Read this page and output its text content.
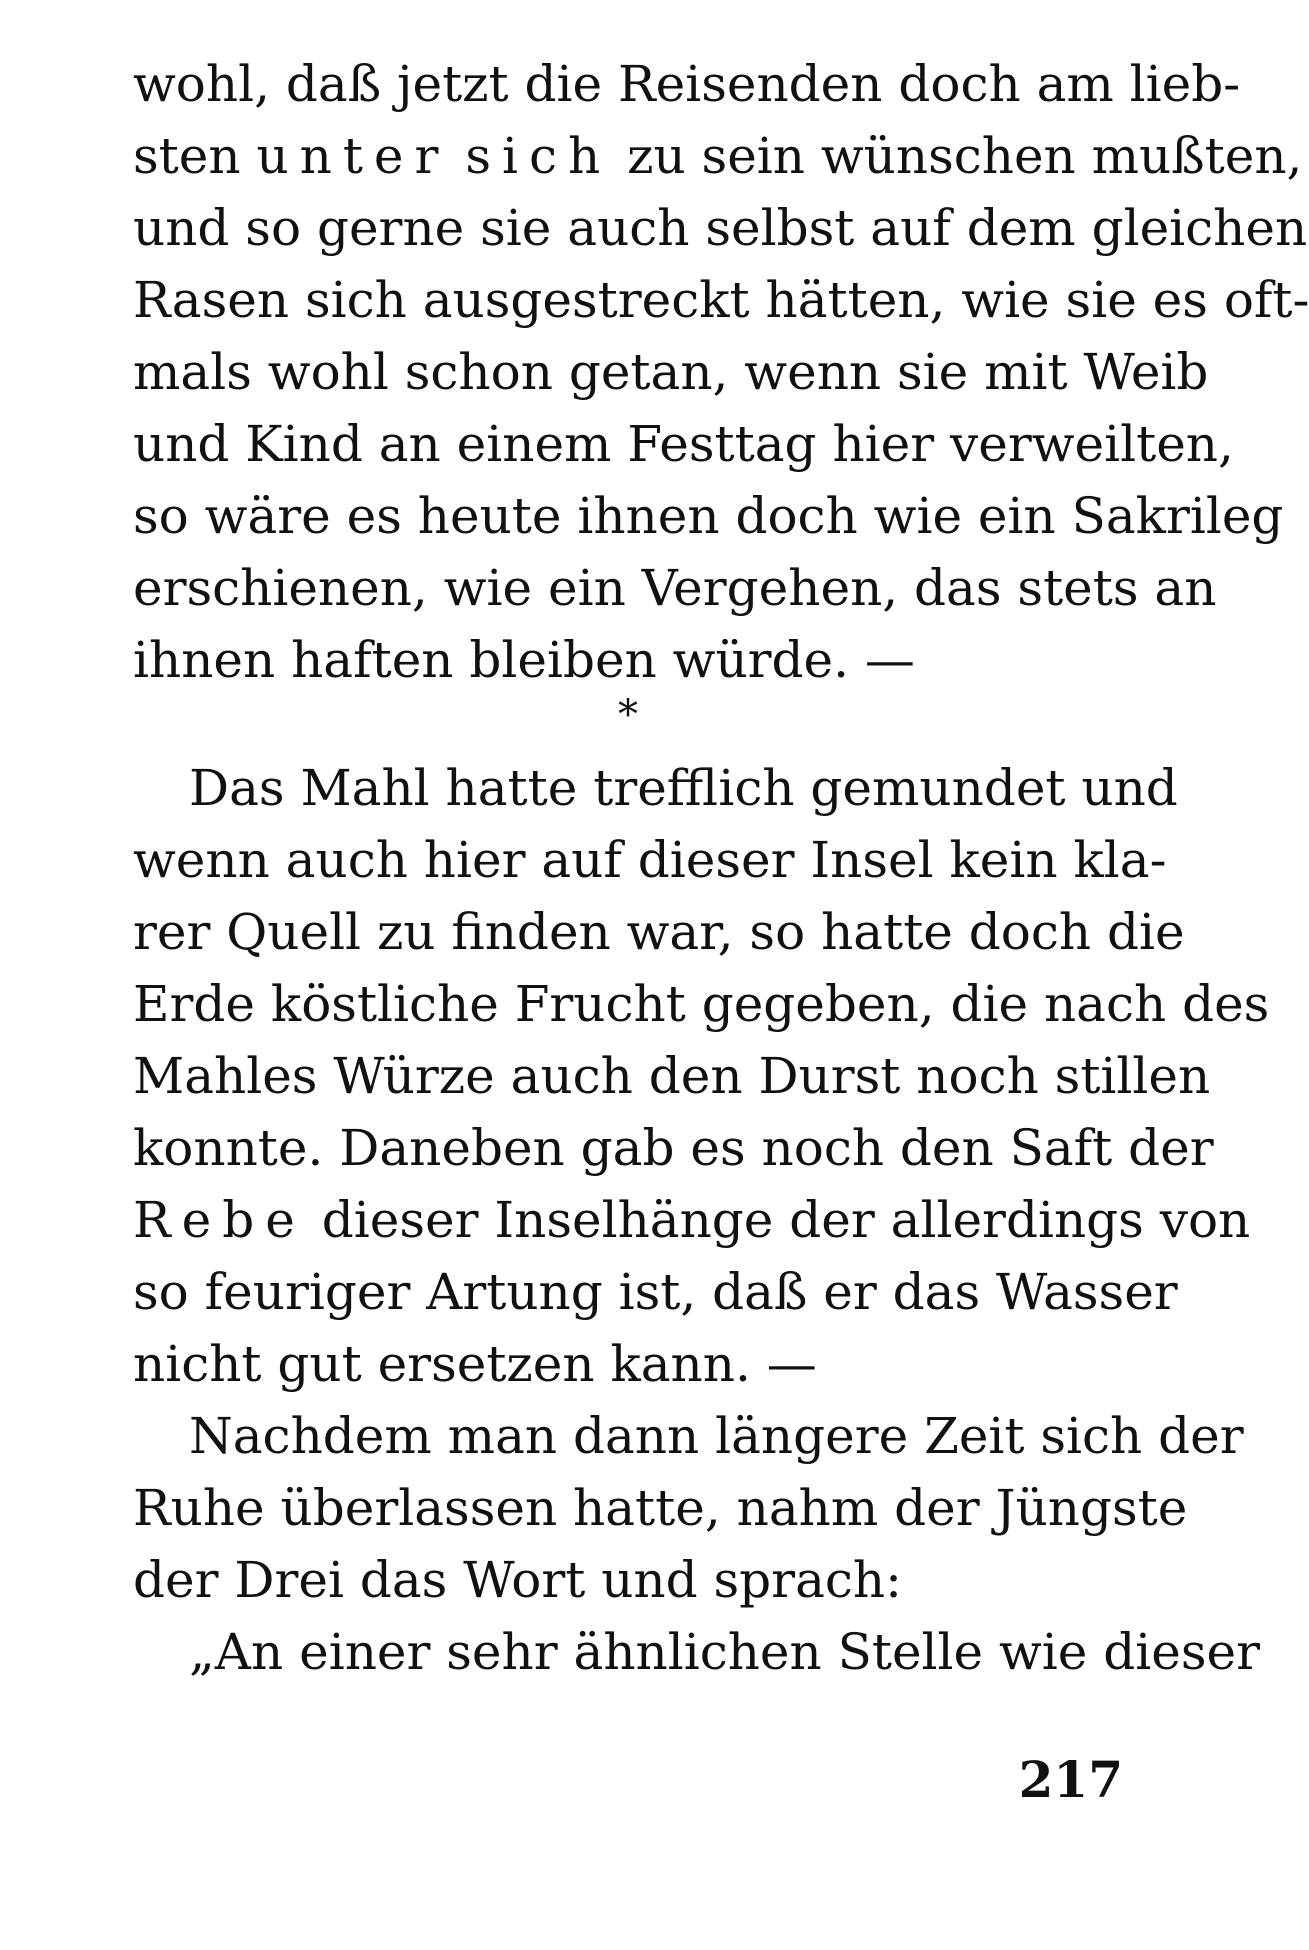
wohl, daß jetzt die Reisenden doch am lieb-
sten unter sich zu sein wünschen mußten,
und so gerne sie auch selbst auf dem gleichen
Rasen sich ausgestreckt hätten, wie sie es oft-
mals wohl schon getan, wenn sie mit Weib
und Kind an einem Festtag hier verweilten,
so wäre es heute ihnen doch wie ein Sakrileg
erschienen, wie ein Vergehen, das stets an
ihnen haften bleiben würde. —
*
Das Mahl hatte trefflich gemundet und
wenn auch hier auf dieser Insel kein kla-
rer Quell zu finden war, so hatte doch die
Erde köstliche Frucht gegeben, die nach des
Mahles Würze auch den Durst noch stillen
konnte. Daneben gab es noch den Saft der
Rebe dieser Inselhänge der allerdings von
so feuriger Artung ist, daß er das Wasser
nicht gut ersetzen kann. —
Nachdem man dann längere Zeit sich der
Ruhe überlassen hatte, nahm der Jüngste
der Drei das Wort und sprach:
„An einer sehr ähnlichen Stelle wie dieser
217
